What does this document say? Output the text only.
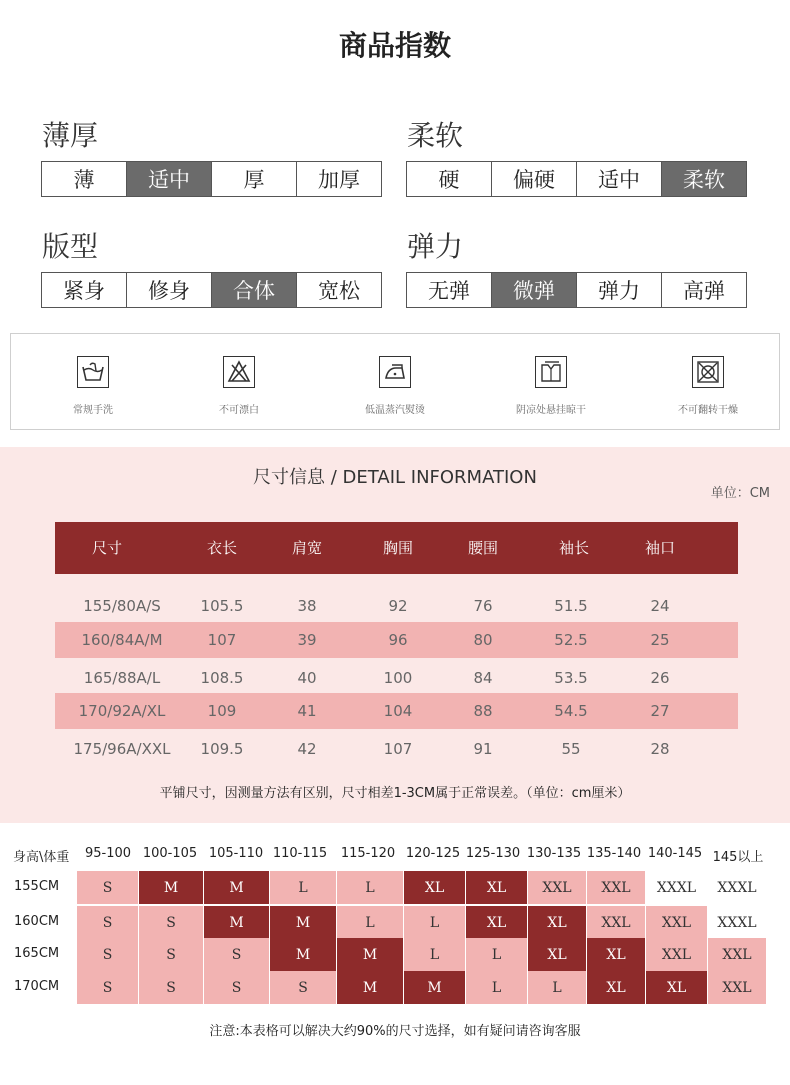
商品指数
薄厚
薄	适中	厚	加厚
柔软
硬	偏硬	适中	柔软
版型
紧身	修身	合体	宽松
弹力
无弹	微弹	弹力	高弹
常规手洗	不可漂白	低温蒸汽熨烫	阴凉处悬挂晾干	不可翻转干燥
尺寸信息 / DETAIL INFORMATION
单位：CM
尺寸	衣长	肩宽	胸围	腰围	袖长	袖口
155/80A/S	105.5	38	92	76	51.5	24
160/84A/M	107	39	96	80	52.5	25
165/88A/L	108.5	40	100	84	53.5	26
170/92A/XL	109	41	104	88	54.5	27
175/96A/XXL 109.5	42	107	91	55	28
平铺尺寸，因测量方法有区别，尺寸相差1-3CM属于正常误差。（单位：cm厘米）
身高\体重 95-100 100-105 105-110 110-115 115-120 120-125 125-130 130-135 135-140 140-145 145以上
155CM	S	M	M	L	L	XL	XL	XXL	XXL	XXXL	XXXL
160CM	S	S	M	M	L	L	XL	XL	XXL	XXL	XXXL
165CM	S	S	S	M	M	L	L	XL	XL	XXL	XXL
170CM	S	S	S	S	M	M	L	L	XL	XL	XXL
注意:本表格可以解决大约90%的尺寸选择，如有疑问请咨询客服
